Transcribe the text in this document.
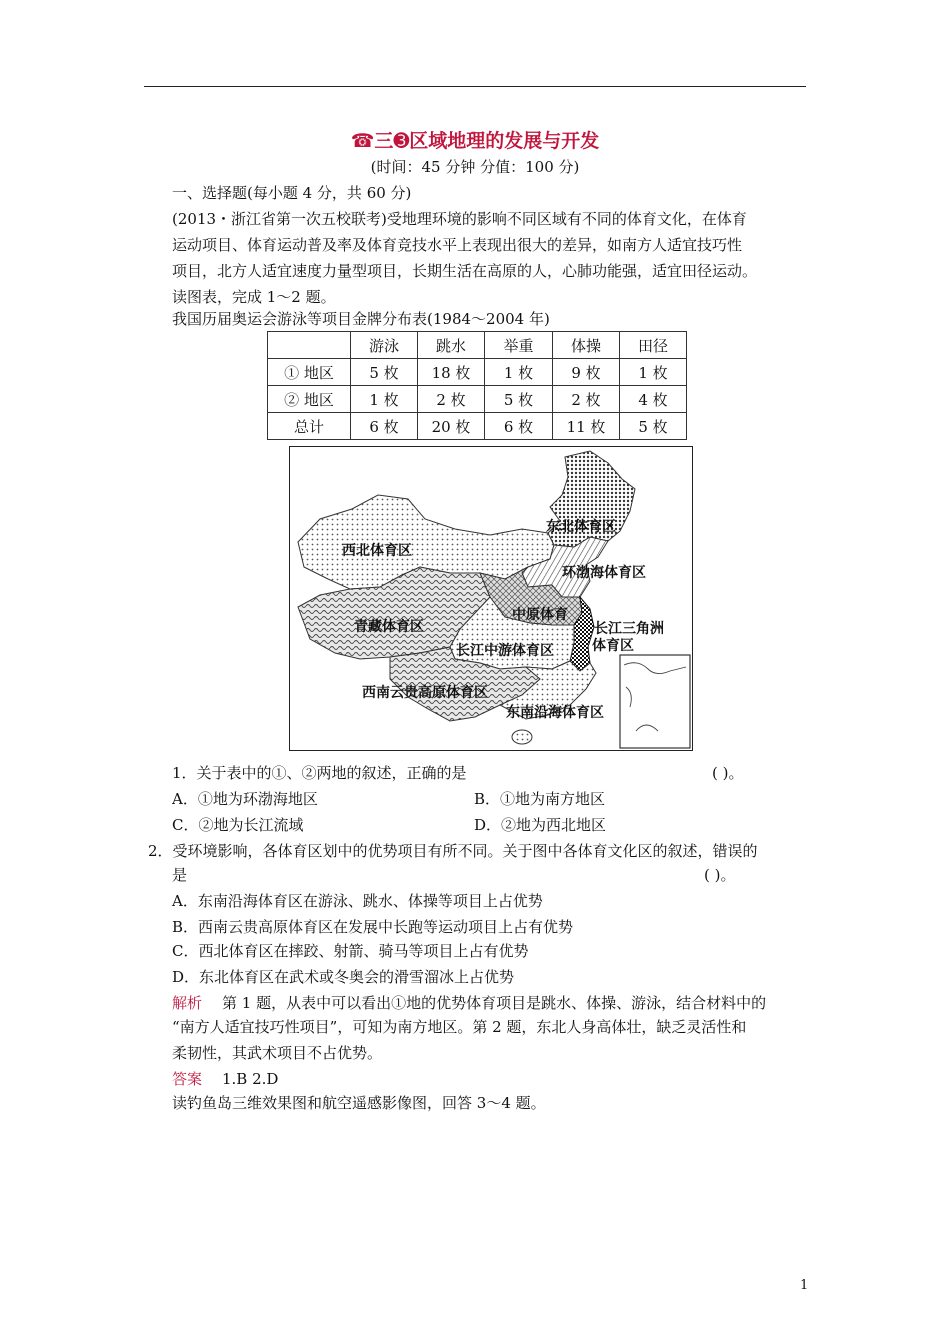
☎三➌区域地理的发展与开发
(时间：45 分钟 分值：100 分)
一、选择题(每小题 4 分，共 60 分)
(2013・浙江省第一次五校联考)受地理环境的影响不同区域有不同的体育文化，在体育
运动项目、体育运动普及率及体育竞技水平上表现出很大的差异，如南方人适宜技巧性
项目，北方人适宜速度力量型项目，长期生活在高原的人，心肺功能强，适宜田径运动。
读图表，完成 1～2 题。
我国历届奥运会游泳等项目金牌分布表(1984～2004 年)
	游泳	跳水	举重	体操	田径
① 地区	5 枚	18 枚	1 枚	9 枚	1 枚
② 地区	1 枚	2 枚	5 枚	2 枚	4 枚
总计	6 枚	20 枚	6 枚	11 枚	5 枚
西北体育区
东北体育区
环渤海体育区
中原体育
长江三角洲
体育区
青藏体育区
长江中游体育区
西南云贵高原体育区
东南沿海体育区
1．关于表中的①、②两地的叙述，正确的是	( )。
A．①地为环渤海地区	B．①地为南方地区
C．②地为长江流域	D．②地为西北地区
2．受环境影响，各体育区划中的优势项目有所不同。关于图中各体育文化区的叙述，错误的
是	( )。
A．东南沿海体育区在游泳、跳水、体操等项目上占优势
B．西南云贵高原体育区在发展中长跑等运动项目上占有优势
C．西北体育区在摔跤、射箭、骑马等项目上占有优势
D．东北体育区在武术或冬奥会的滑雪溜冰上占优势
解析 第 1 题，从表中可以看出①地的优势体育项目是跳水、体操、游泳，结合材料中的
“南方人适宜技巧性项目”，可知为南方地区。第 2 题，东北人身高体壮，缺乏灵活性和
柔韧性，其武术项目不占优势。
答案 1.B 2.D
读钓鱼岛三维效果图和航空遥感影像图，回答 3～4 题。
1
